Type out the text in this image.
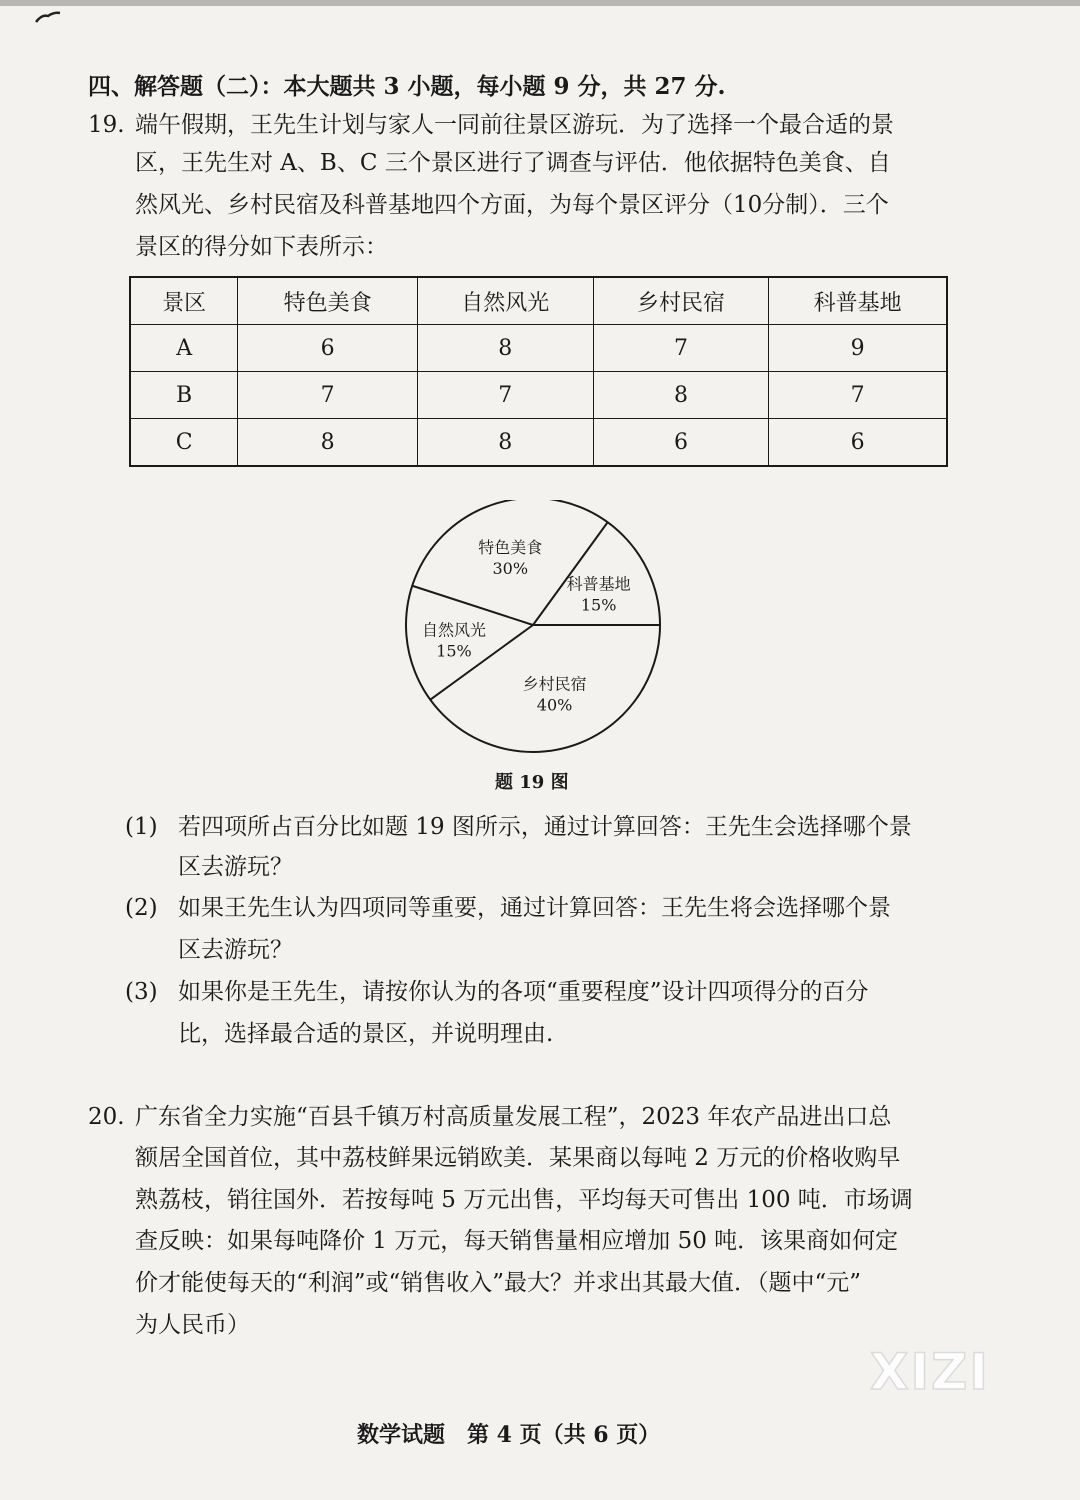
四、解答题（二）：本大题共 3 小题，每小题 9 分，共 27 分.
19. 端午假期，王先生计划与家人一同前往景区游玩．为了选择一个最合适的景
区，王先生对 A、B、C 三个景区进行了调查与评估．他依据特色美食、自
然风光、乡村民宿及科普基地四个方面，为每个景区评分（10分制）．三个
景区的得分如下表所示：
景区	特色美食	自然风光	乡村民宿	科普基地
A	6	8	7	9
B	7	7	8	7
C	8	8	6	6
科普基地
15%
特色美食
30%
自然风光
15%
乡村民宿
40%
题 19 图
(1) 若四项所占百分比如题 19 图所示，通过计算回答：王先生会选择哪个景
区去游玩？
(2) 如果王先生认为四项同等重要，通过计算回答：王先生将会选择哪个景
区去游玩？
(3) 如果你是王先生，请按你认为的各项“重要程度”设计四项得分的百分
比，选择最合适的景区，并说明理由.
20. 广东省全力实施“百县千镇万村高质量发展工程”，2023 年农产品进出口总
额居全国首位，其中荔枝鲜果远销欧美．某果商以每吨 2 万元的价格收购早
熟荔枝，销往国外．若按每吨 5 万元出售，平均每天可售出 100 吨．市场调
查反映：如果每吨降价 1 万元，每天销售量相应增加 50 吨．该果商如何定
价才能使每天的“利润”或“销售收入”最大？并求出其最大值．（题中“元”
为人民币）
XIZI
数学试题　第 4 页（共 6 页）
